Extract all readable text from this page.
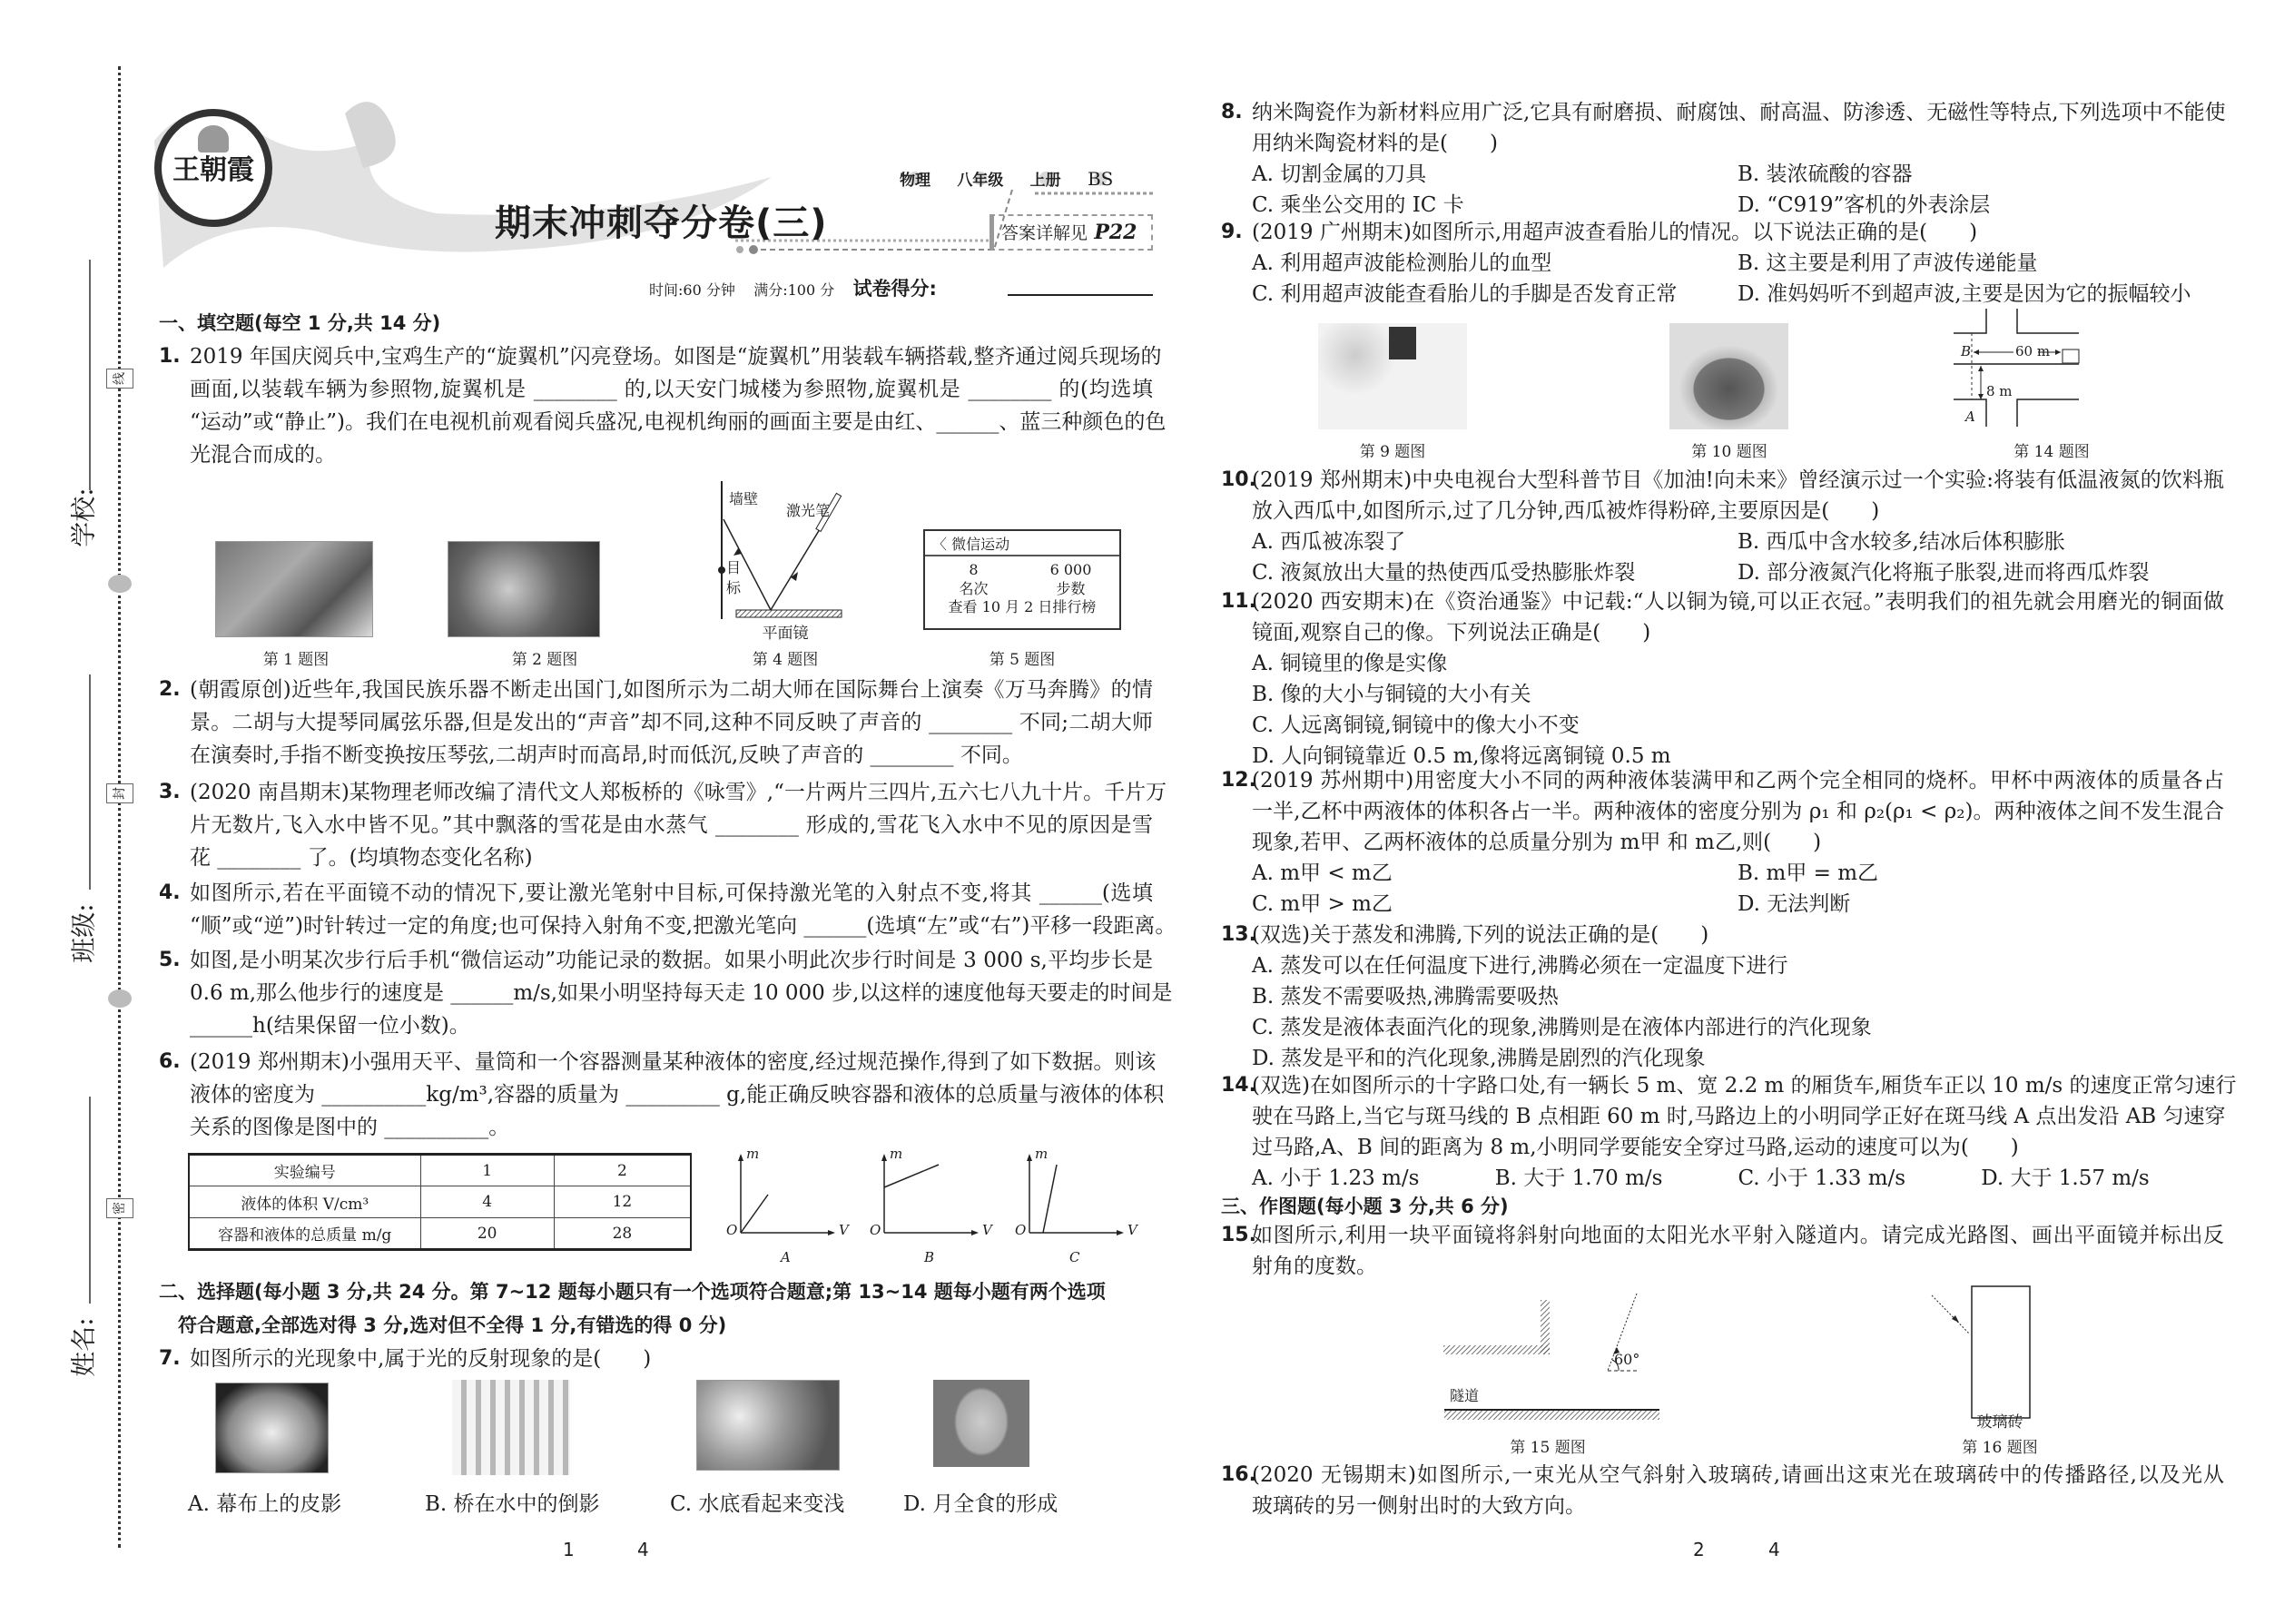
学校:
班级:
姓名:
线
封
密
王朝霞	物理 八年级 上册 BS
期末冲刺夺分卷(三)	答案详解见 P22
时间:60 分钟 满分:100 分 试卷得分:
一、填空题(每空 1 分,共 14 分)
1. 2019 年国庆阅兵中,宝鸡生产的“旋翼机”闪亮登场。如图是“旋翼机”用装载车辆搭载,整齐通过阅兵现场的
画面,以装载车辆为参照物,旋翼机是 ________ 的,以天安门城楼为参照物,旋翼机是 ________ 的(均选填
“运动”或“静止”)。我们在电视机前观看阅兵盛况,电视机绚丽的画面主要是由红、______、蓝三种颜色的色
光混合而成的。
墙壁
激光笔
目标
平面镜
〈 微信运动
8	6 000
名次	步数
查看 10 月 2 日排行榜
第 1 题图	第 2 题图	第 4 题图	第 5 题图
2. (朝霞原创)近些年,我国民族乐器不断走出国门,如图所示为二胡大师在国际舞台上演奏《万马奔腾》的情
景。二胡与大提琴同属弦乐器,但是发出的“声音”却不同,这种不同反映了声音的 ________ 不同;二胡大师
在演奏时,手指不断变换按压琴弦,二胡声时而高昂,时而低沉,反映了声音的 ________ 不同。
3. (2020 南昌期末)某物理老师改编了清代文人郑板桥的《咏雪》,“一片两片三四片,五六七八九十片。千片万
片无数片,飞入水中皆不见。”其中飘落的雪花是由水蒸气 ________ 形成的,雪花飞入水中不见的原因是雪
花 ________ 了。(均填物态变化名称)
4. 如图所示,若在平面镜不动的情况下,要让激光笔射中目标,可保持激光笔的入射点不变,将其 ______(选填
“顺”或“逆”)时针转过一定的角度;也可保持入射角不变,把激光笔向 ______(选填“左”或“右”)平移一段距离。
5. 如图,是小明某次步行后手机“微信运动”功能记录的数据。如果小明此次步行时间是 3 000 s,平均步长是
0.6 m,那么他步行的速度是 ______m/s,如果小明坚持每天走 10 000 步,以这样的速度他每天要走的时间是
______h(结果保留一位小数)。
6. (2019 郑州期末)小强用天平、量筒和一个容器测量某种液体的密度,经过规范操作,得到了如下数据。则该
液体的密度为 __________kg/m³,容器的质量为 _________ g,能正确反映容器和液体的总质量与液体的体积
关系的图像是图中的 __________。
实验编号	1	2
液体的体积 V/cm³	4	12
容器和液体的总质量 m/g	20	28
m
V
O
A
m
V
O
B
m
V
O
C
二、选择题(每小题 3 分,共 24 分。第 7~12 题每小题只有一个选项符合题意;第 13~14 题每小题有两个选项
　符合题意,全部选对得 3 分,选对但不全得 1 分,有错选的得 0 分)
7. 如图所示的光现象中,属于光的反射现象的是(　　)
A. 幕布上的皮影	B. 桥在水中的倒影	C. 水底看起来变浅	D. 月全食的形成
1	4
8. 纳米陶瓷作为新材料应用广泛,它具有耐磨损、耐腐蚀、耐高温、防渗透、无磁性等特点,下列选项中不能使
用纳米陶瓷材料的是(　　)
A. 切割金属的刀具	B. 装浓硫酸的容器
C. 乘坐公交用的 IC 卡	D. “C919”客机的外表涂层
9. (2019 广州期末)如图所示,用超声波查看胎儿的情况。以下说法正确的是(　　)
A. 利用超声波能检测胎儿的血型	B. 这主要是利用了声波传递能量
C. 利用超声波能查看胎儿的手脚是否发育正常	D. 准妈妈听不到超声波,主要是因为它的振幅较小
B
A
60 m
8 m
第 9 题图	第 10 题图	第 14 题图
10.
(2019 郑州期末)中央电视台大型科普节目《加油!向未来》曾经演示过一个实验:将装有低温液氮的饮料瓶
放入西瓜中,如图所示,过了几分钟,西瓜被炸得粉碎,主要原因是(　　)
A. 西瓜被冻裂了	B. 西瓜中含水较多,结冰后体积膨胀
C. 液氮放出大量的热使西瓜受热膨胀炸裂	D. 部分液氮汽化将瓶子胀裂,进而将西瓜炸裂
11.
(2020 西安期末)在《资治通鉴》中记载:“人以铜为镜,可以正衣冠。”表明我们的祖先就会用磨光的铜面做
镜面,观察自己的像。下列说法正确是(　　)
A. 铜镜里的像是实像
B. 像的大小与铜镜的大小有关
C. 人远离铜镜,铜镜中的像大小不变
D. 人向铜镜靠近 0.5 m,像将远离铜镜 0.5 m
12.
(2019 苏州期中)用密度大小不同的两种液体装满甲和乙两个完全相同的烧杯。甲杯中两液体的质量各占
一半,乙杯中两液体的体积各占一半。两种液体的密度分别为 ρ₁ 和 ρ₂(ρ₁ < ρ₂)。两种液体之间不发生混合
现象,若甲、乙两杯液体的总质量分别为 m甲 和 m乙,则(　　)
A. m甲 < m乙	B. m甲 = m乙
C. m甲 > m乙	D. 无法判断
13.
(双选)关于蒸发和沸腾,下列的说法正确的是(　　)
A. 蒸发可以在任何温度下进行,沸腾必须在一定温度下进行
B. 蒸发不需要吸热,沸腾需要吸热
C. 蒸发是液体表面汽化的现象,沸腾则是在液体内部进行的汽化现象
D. 蒸发是平和的汽化现象,沸腾是剧烈的汽化现象
14.
(双选)在如图所示的十字路口处,有一辆长 5 m、宽 2.2 m 的厢货车,厢货车正以 10 m/s 的速度正常匀速行
驶在马路上,当它与斑马线的 B 点相距 60 m 时,马路边上的小明同学正好在斑马线 A 点出发沿 AB 匀速穿
过马路,A、B 间的距离为 8 m,小明同学要能安全穿过马路,运动的速度可以为(　　)
A. 小于 1.23 m/s	B. 大于 1.70 m/s	C. 小于 1.33 m/s	D. 大于 1.57 m/s
三、作图题(每小题 3 分,共 6 分)
15.
如图所示,利用一块平面镜将斜射向地面的太阳光水平射入隧道内。请完成光路图、画出平面镜并标出反
射角的度数。
60°
隧道
玻璃砖
第 15 题图	第 16 题图
16.
(2020 无锡期末)如图所示,一束光从空气斜射入玻璃砖,请画出这束光在玻璃砖中的传播路径,以及光从
玻璃砖的另一侧射出时的大致方向。
2	4
